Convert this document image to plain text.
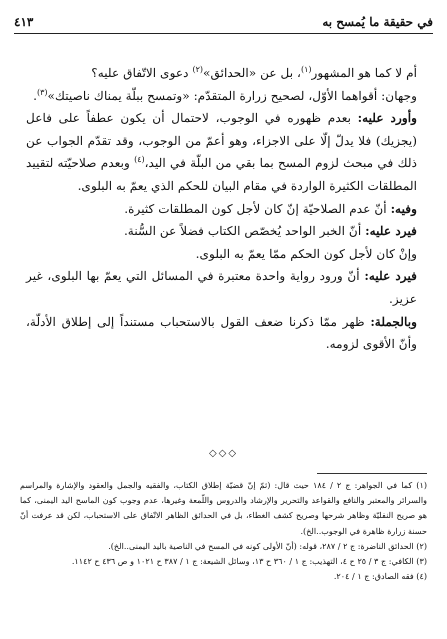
في حقيقة ما يُمسح به
٤١٣

أم لا كما هو المشهور$^{(١)}$، بل عن «الحدائق»$^{(٢)}$ دعوى الاتّفاق عليه؟

وجهان: أقواهما الأوّل، لصحيح زرارة المتقدّم: «وتمسح ببلّة يمناك ناصيتك»$^{(٣)}$.

وأورد عليه: بعدم ظهوره في الوجوب، لاحتمال أن يكون عطفاً على فاعل (يجزيك) فلا يدلّ إلّا على الاجزاء، وهو أعمّ من الوجوب، وقد تقدّم الجواب عن ذلك في مبحث لزوم المسح بما بقي من البلّة في اليد،$^{(٤)}$ وبعدم صلاحيّته لتقييد المطلقات الكثيرة الواردة في مقام البيان للحكم الذي يعمّ به البلوى.

وفيه: أنّ عدم الصلاحيّة إنّ كان لأجل كون المطلقات كثيرة.

فيرد عليه: أنّ الخبر الواحد يُخصّص الكتاب فضلاً عن السُّنة.

وإنْ كان لأجل كون الحكم ممّا يعمّ به البلوى.

فيرد عليه: أنّ ورود رواية واحدة معتبرة في المسائل التي يعمّ بها البلوى، غير عزيز.

وبالجملة: ظهر ممّا ذكرنا ضعف القول بالاستحباب مستنداً إلى إطلاق الأدلّة، وأنّ الأقوى لزومه.

◇◇◇

(١) كما في الجواهر: ج ٢ / ١٨٤ حيث قال: (ثمّ إنّ قضيّة إطلاق الكتاب، والفقيه والجمل والعقود والإشارة والمراسم والسرائر والمعتبر والنافع والقواعد والتحرير والإرشاد والدروس واللّمعة وغيرها، عدم وجوب كون الماسح اليد اليمنى، كما هو صريح النفليّة وظاهر شرحها وصريح كشف الغطاء، بل في الحدائق الظاهر الاتّفاق على الاستحباب، لكن قد عرفت أنّ حسنة زرارة ظاهرة في الوجوب..الخ).

(٢) الحدائق الناضرة: ج ٢ / ٢٨٧، قوله: (أنّ الأولى كونه في المسح في الناصية باليد اليمنى..الخ).

(٣) الكافي: ج ٣ / ٢٥ ح ٤، التهذيب: ج ١ / ٣٦٠ ح ١٣، وسائل الشيعة: ج ١ / ٣٨٧ ح ١٠٢١ و ص ٤٣٦ ح ١١٤٢.

(٤) فقه الصادق: ج ١ / ٢٠٤.
